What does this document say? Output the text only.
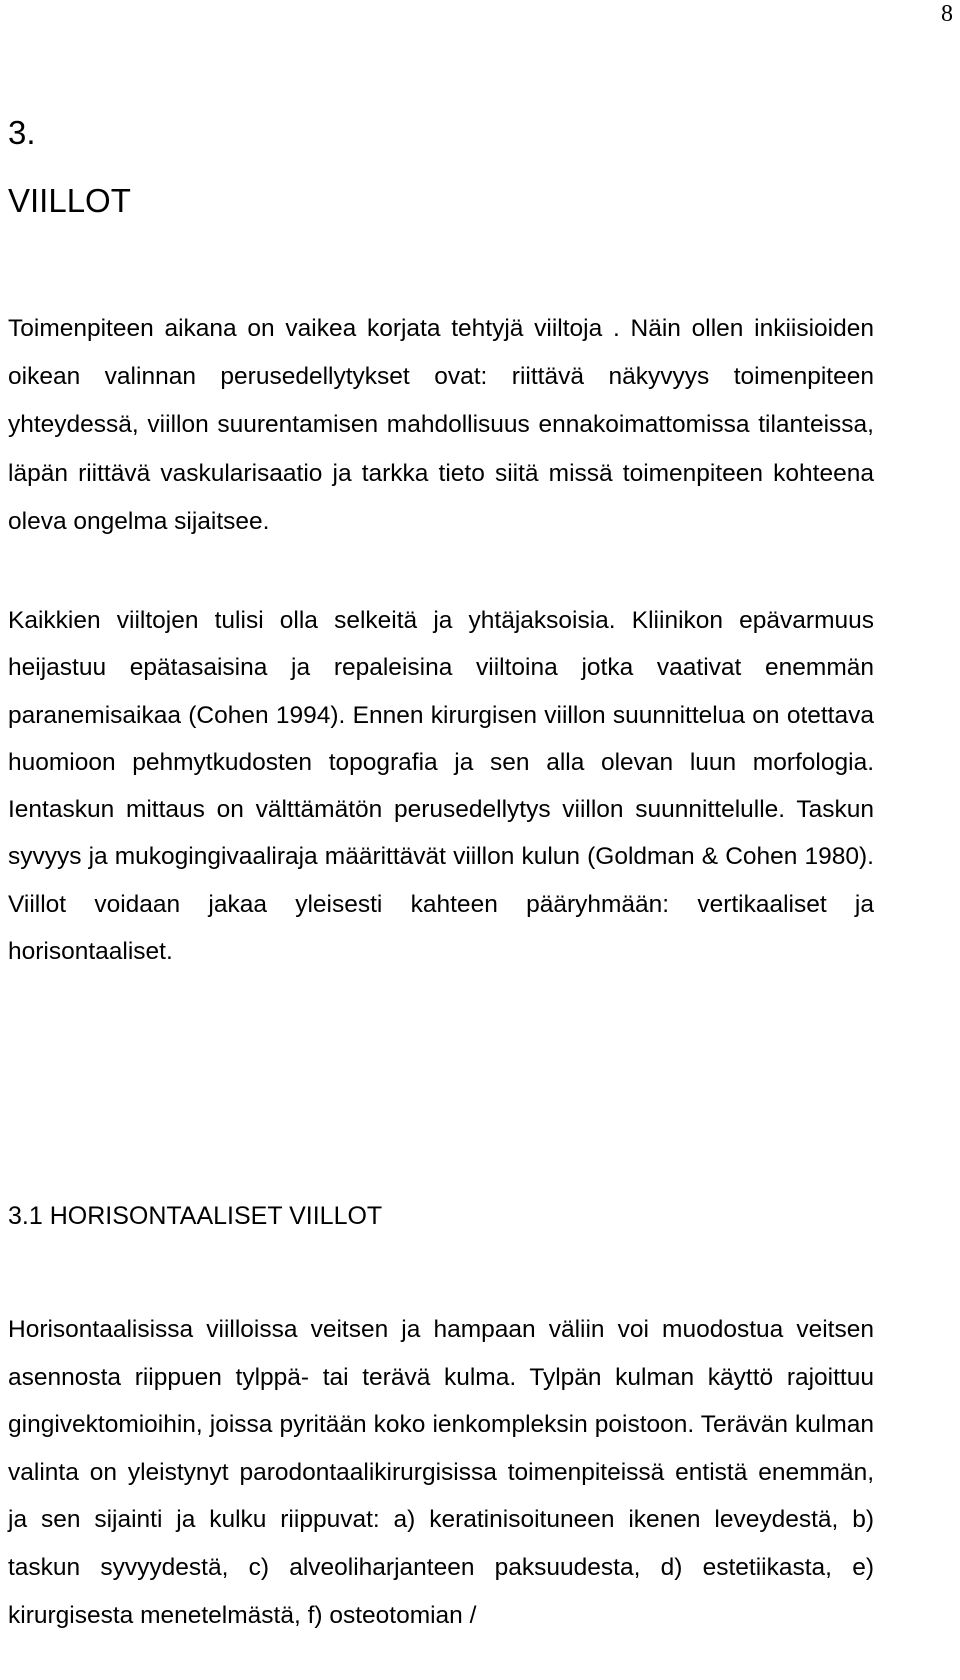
8
3.
VIILLOT

Toimenpiteen aikana on vaikea korjata tehtyjä viiltoja . Näin ollen inkiisioiden oikean valinnan perusedellytykset ovat: riittävä näkyvyys toimenpiteen yhteydessä, viillon suurentamisen mahdollisuus ennakoimattomissa tilanteissa, läpän riittävä vaskularisaatio ja tarkka tieto siitä missä toimenpiteen kohteena oleva ongelma sijaitsee.

Kaikkien viiltojen tulisi olla selkeitä ja yhtäjaksoisia. Kliinikon epävarmuus heijastuu epätasaisina ja repaleisina viiltoina jotka vaativat enemmän paranemisaikaa (Cohen 1994). Ennen kirurgisen viillon suunnittelua on otettava huomioon pehmytkudosten topografia ja sen alla olevan luun morfologia. Ientaskun mittaus on välttämätön perusedellytys viillon suunnittelulle. Taskun syvyys ja mukogingivaaliraja määrittävät viillon kulun (Goldman & Cohen 1980). Viillot voidaan jakaa yleisesti kahteen pääryhmään: vertikaaliset ja horisontaaliset.

3.1 HORISONTAALISET VIILLOT

Horisontaalisissa viilloissa veitsen ja hampaan väliin voi muodostua veitsen asennosta riippuen tylppä- tai terävä kulma. Tylpän kulman käyttö rajoittuu gingivektomioihin, joissa pyritään koko ienkompleksin poistoon. Terävän kulman valinta on yleistynyt parodontaalikirurgisissa toimenpiteissä entistä enemmän, ja sen sijainti ja kulku riippuvat: a) keratinisoituneen ikenen leveydestä, b) taskun syvyydestä, c) alveoliharjanteen paksuudesta, d) estetiikasta, e) kirurgisesta menetelmästä, f) osteotomian /
